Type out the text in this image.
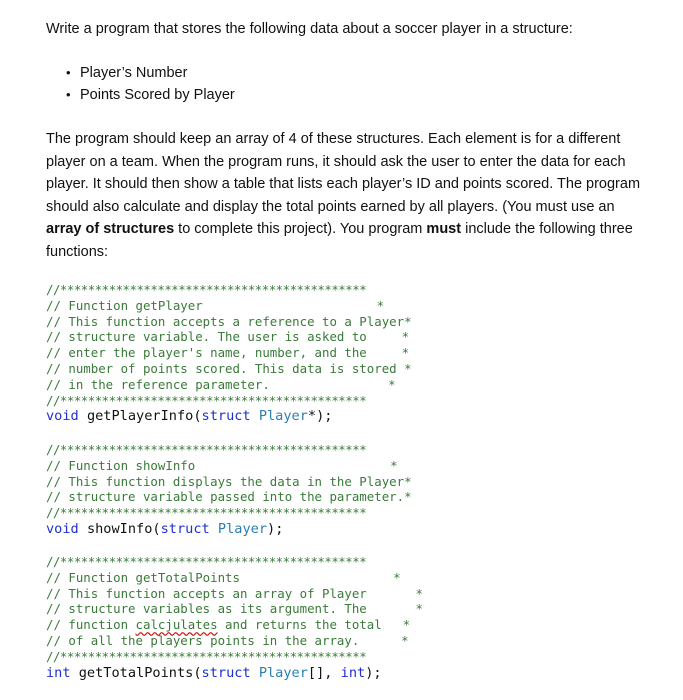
Write a program that stores the following data about a soccer player in a structure:

• Player’s Number
• Points Scored by Player

The program should keep an array of 4 of these structures. Each element is for a different player on a team. When the program runs, it should ask the user to enter the data for each player. It should then show a table that lists each player’s ID and points scored. The program should also calculate and display the total points earned by all players. (You must use an array of structures to complete this project). You program must include the following three functions:

//********************************************
// Function getPlayer                         *
// This function accepts a reference to a Player*
// structure variable. The user is asked to     *
// enter the player's name, number, and the     *
// number of points scored. This data is stored *
// in the reference parameter.                 *
//********************************************
void getPlayerInfo(struct Player*);
//********************************************
// Function showInfo                            *
// This function displays the data in the Player*
// structure variable passed into the parameter.*
//********************************************
void showInfo(struct Player);
//********************************************
// Function getTotalPoints                      *
// This function accepts an array of Player       *
// structure variables as its argument. The       *
// function calcjulates and returns the total   *
// of all the players points in the array.      *
//********************************************
int getTotalPoints(struct Player[], int);
